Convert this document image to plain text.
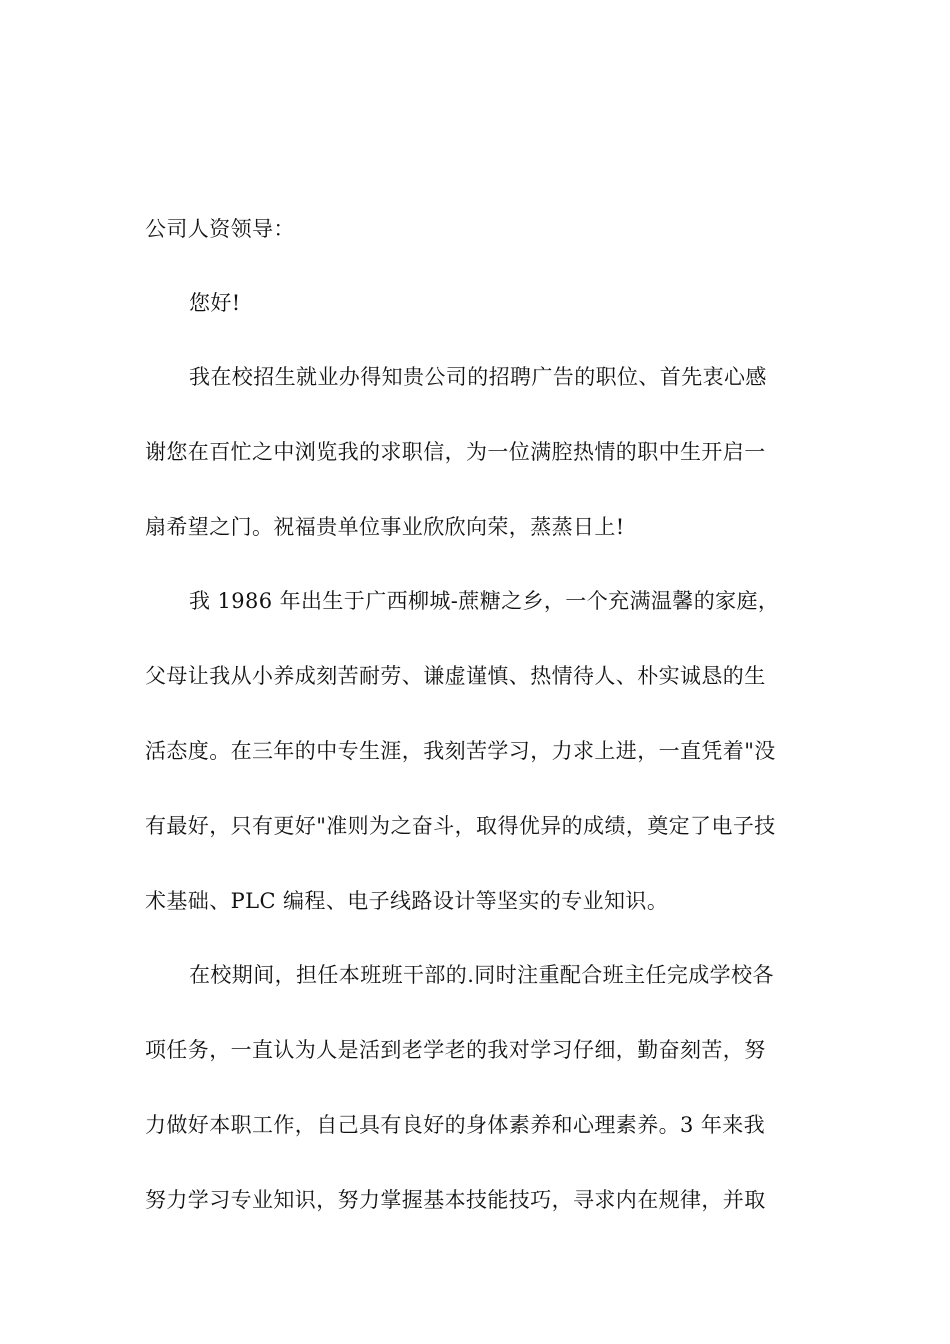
公司人资领导：
您好!
我在校招生就业办得知贵公司的招聘广告的职位、首先衷心感
谢您在百忙之中浏览我的求职信，为一位满腔热情的职中生开启一
扇希望之门。祝福贵单位事业欣欣向荣，蒸蒸日上!
我 1986 年出生于广西柳城-蔗糖之乡，一个充满温馨的家庭，
父母让我从小养成刻苦耐劳、谦虚谨慎、热情待人、朴实诚恳的生
活态度。在三年的中专生涯，我刻苦学习，力求上进，一直凭着"没
有最好，只有更好"准则为之奋斗，取得优异的成绩，奠定了电子技
术基础、PLC 编程、电子线路设计等坚实的专业知识。
在校期间，担任本班班干部的.同时注重配合班主任完成学校各
项任务，一直认为人是活到老学老的我对学习仔细，勤奋刻苦，努
力做好本职工作，自己具有良好的身体素养和心理素养。3 年来我
努力学习专业知识，努力掌握基本技能技巧，寻求内在规律，并取
